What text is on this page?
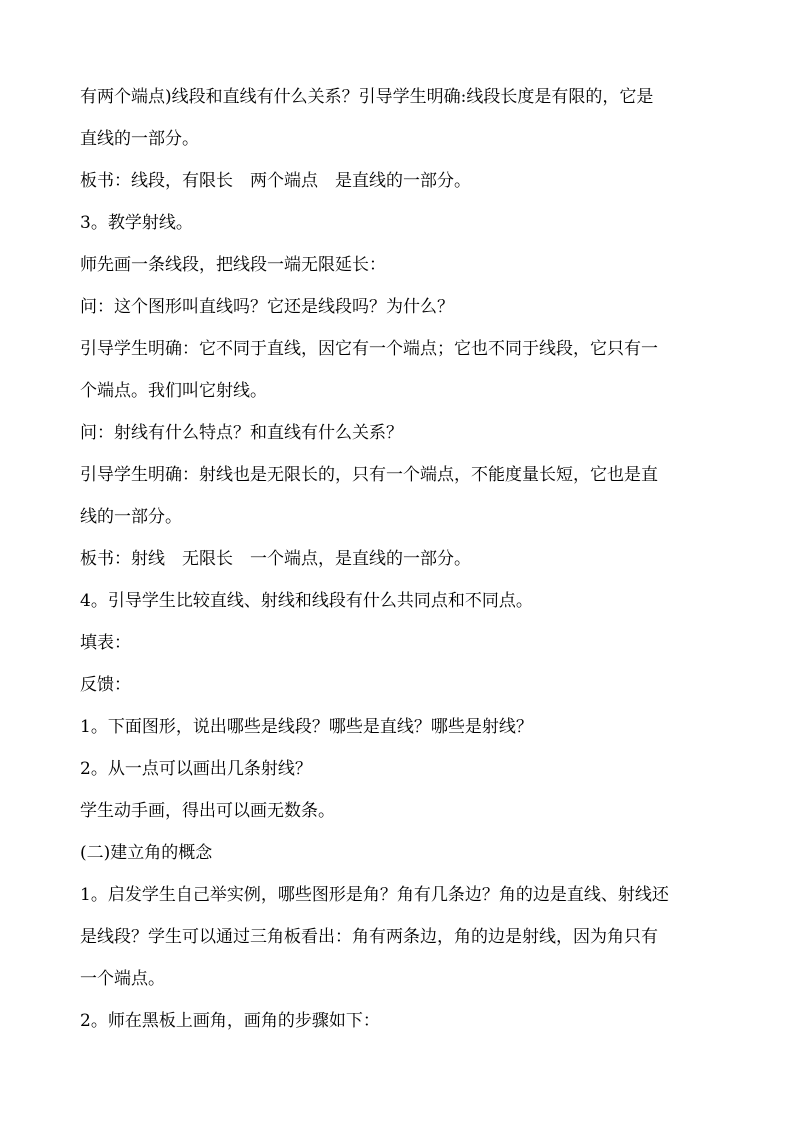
有两个端点)线段和直线有什么关系？引导学生明确:线段长度是有限的，它是
直线的一部分。
板书：线段，有限长　两个端点　是直线的一部分。
3。教学射线。
师先画一条线段，把线段一端无限延长：
问：这个图形叫直线吗？它还是线段吗？为什么？
引导学生明确：它不同于直线，因它有一个端点；它也不同于线段，它只有一
个端点。我们叫它射线。
问：射线有什么特点？和直线有什么关系？
引导学生明确：射线也是无限长的，只有一个端点，不能度量长短，它也是直
线的一部分。
板书：射线　无限长　一个端点，是直线的一部分。
4。引导学生比较直线、射线和线段有什么共同点和不同点。
填表：
反馈：
1。下面图形，说出哪些是线段？哪些是直线？哪些是射线？
2。从一点可以画出几条射线？
学生动手画，得出可以画无数条。
(二)建立角的概念
1。启发学生自己举实例，哪些图形是角？角有几条边？角的边是直线、射线还
是线段？学生可以通过三角板看出：角有两条边，角的边是射线，因为角只有
一个端点。
2。师在黑板上画角，画角的步骤如下：
